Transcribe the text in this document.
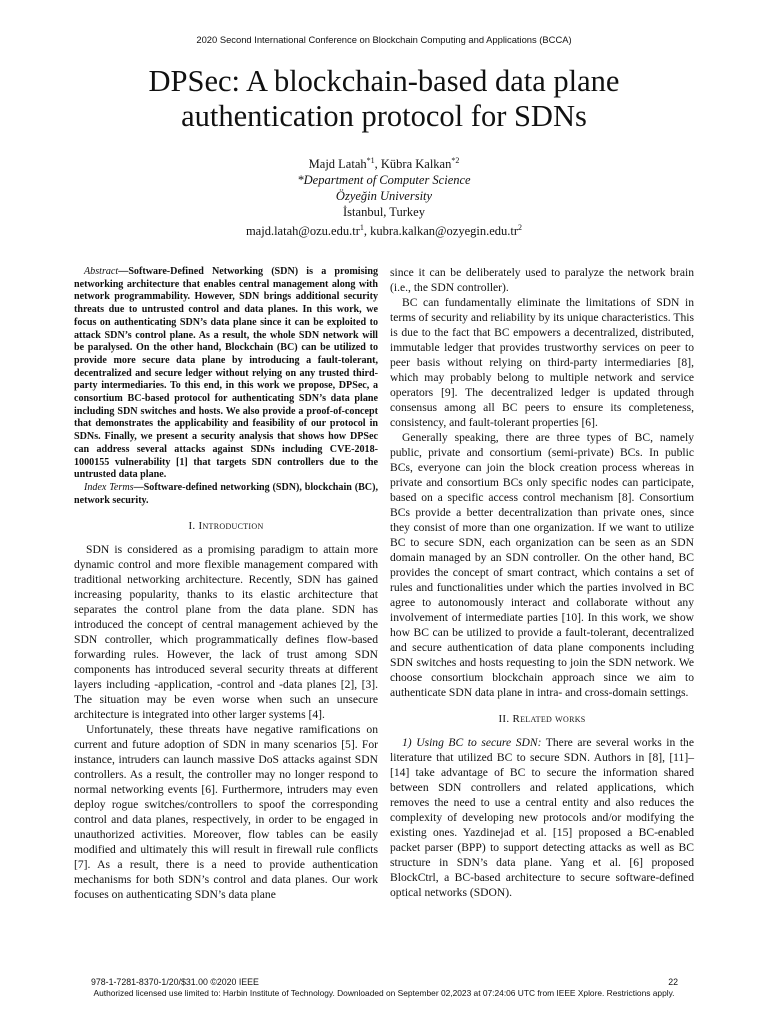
2020 Second International Conference on Blockchain Computing and Applications (BCCA)
DPSec: A blockchain-based data plane
authentication protocol for SDNs
Majd Latah$^{*1}$, Kübra Kalkan$^{*2}$
*Department of Computer Science
Özyeğin University
İstanbul, Turkey
$majd.latah@ozu.edu.tr^1$, $kubra.kalkan@ozyegin.edu.tr^2$

Abstract—Software-Defined Networking (SDN) is a promising networking architecture that enables central management along with network programmability. However, SDN brings additional security threats due to untrusted control and data planes. In this work, we focus on authenticating SDN’s data plane since it can be exploited to attack SDN’s control plane. As a result, the whole SDN network will be paralysed. On the other hand, Blockchain (BC) can be utilized to provide more secure data plane by introducing a fault-tolerant, decentralized and secure ledger without relying on any trusted third-party intermediaries. To this end, in this work we propose, DPSec, a consortium BC-based protocol for authenticating SDN’s data plane including SDN switches and hosts. We also provide a proof-of-concept that demonstrates the applicability and feasibility of our protocol in SDNs. Finally, we present a security analysis that shows how DPSec can address several attacks against SDNs including CVE-2018-1000155 vulnerability [1] that targets SDN controllers due to the untrusted data plane.

Index Terms—Software-defined networking (SDN), blockchain (BC), network security.
I. Introduction

SDN is considered as a promising paradigm to attain more dynamic control and more flexible management compared with traditional networking architecture. Recently, SDN has gained increasing popularity, thanks to its elastic architecture that separates the control plane from the data plane. SDN has introduced the concept of central management achieved by the SDN controller, which programmatically defines flow-based forwarding rules. However, the lack of trust among SDN components has introduced several security threats at different layers including -application, -control and -data planes [2], [3]. The situation may be even worse when such an unsecure architecture is integrated into other larger systems [4].

Unfortunately, these threats have negative ramifications on current and future adoption of SDN in many scenarios [5]. For instance, intruders can launch massive DoS attacks against SDN controllers. As a result, the controller may no longer respond to normal networking events [6]. Furthermore, intruders may even deploy rogue switches/controllers to spoof the corresponding control and data planes, respectively, in order to be engaged in unauthorized activities. Moreover, flow tables can be easily modified and ultimately this will result in firewall rule conflicts [7]. As a result, there is a need to provide authentication mechanisms for both SDN’s control and data planes. Our work focuses on authenticating SDN’s data plane

since it can be deliberately used to paralyze the network brain (i.e., the SDN controller).

BC can fundamentally eliminate the limitations of SDN in terms of security and reliability by its unique characteristics. This is due to the fact that BC empowers a decentralized, distributed, immutable ledger that provides trustworthy services on peer to peer basis without relying on third-party intermediaries [8], which may probably belong to multiple network and service operators [9]. The decentralized ledger is updated through consensus among all BC peers to ensure its completeness, consistency, and fault-tolerant properties [6].

Generally speaking, there are three types of BC, namely public, private and consortium (semi-private) BCs. In public BCs, everyone can join the block creation process whereas in private and consortium BCs only specific nodes can participate, based on a specific access control mechanism [8]. Consortium BCs provide a better decentralization than private ones, since they consist of more than one organization. If we want to utilize BC to secure SDN, each organization can be seen as an SDN domain managed by an SDN controller. On the other hand, BC provides the concept of smart contract, which contains a set of rules and functionalities under which the parties involved in BC agree to autonomously interact and collaborate without any involvement of intermediate parties [10]. In this work, we show how BC can be utilized to provide a fault-tolerant, decentralized and secure authentication of data plane components including SDN switches and hosts requesting to join the SDN network. We choose consortium blockchain approach since we aim to authenticate SDN data plane in intra- and cross-domain settings.

II. Related works

1) Using BC to secure SDN: There are several works in the literature that utilized BC to secure SDN. Authors in [8], [11]–[14] take advantage of BC to secure the information shared between SDN controllers and related applications, which removes the need to use a central entity and also reduces the complexity of developing new protocols and/or modifying the existing ones. Yazdinejad et al. [15] proposed a BC-enabled packet parser (BPP) to support detecting attacks as well as BC structure in SDN’s data plane. Yang et al. [6] proposed BlockCtrl, a BC-based architecture to secure software-defined optical networks (SDON).

978-1-7281-8370-1/20/$31.00 ©2020 IEEE	22
Authorized licensed use limited to: Harbin Institute of Technology. Downloaded on September 02,2023 at 07:24:06 UTC from IEEE Xplore. Restrictions apply.
